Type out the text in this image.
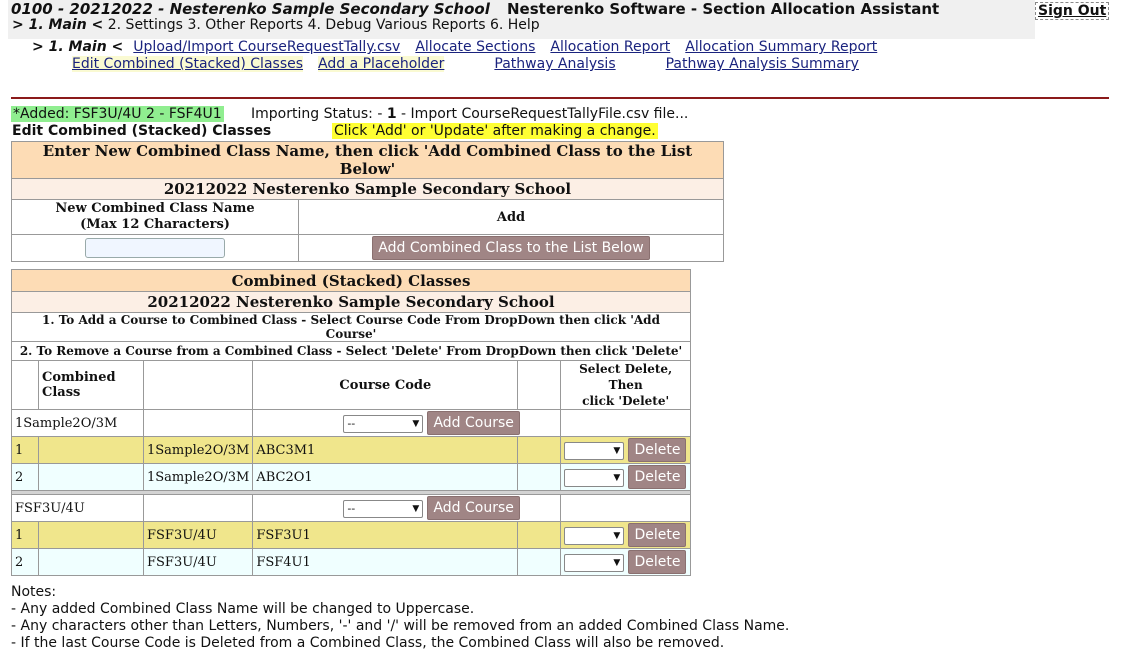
0100 - 20212022 - Nesterenko Sample Secondary School Nesterenko Software - Section Allocation Assistant	Sign Out
> 1. Main < 2. Settings 3. Other Reports 4. Debug Various Reports 6. Help
> 1. Main < Upload/Import CourseRequestTally.csv Allocate Sections Allocation Report Allocation Summary Report
Edit Combined (Stacked) Classes Add a Placeholder	Pathway Analysis	Pathway Analysis Summary
*Added: FSF3U/4U 2 - FSF4U1 Importing Status: - 1 - Import CourseRequestTallyFile.csv file...
Edit Combined (Stacked) Classes	Click 'Add' or 'Update' after making a change.
Enter New Combined Class Name, then click 'Add Combined Class to the List Below'	
20212022 Nesterenko Sample Secondary School	
New Combined Class Name
(Max 12 Characters)	Add
	Add Combined Class to the List Below
Combined (Stacked) Classes					
20212022 Nesterenko Sample Secondary School					
1. To Add a Course to Combined Class - Select Course Code From DropDown then click 'Add Course'					
2. To Remove a Course from a Combined Class - Select 'Delete' From DropDown then click 'Delete'					
	Combined Class		Course Code		Select Delete, Then
click 'Delete'
1Sample2O/3M			-- ▼ Add Course		
1		1Sample2O/3M	ABC3M1		▼ Delete
2		1Sample2O/3M	ABC2O1		▼ Delete

FSF3U/4U			-- ▼ Add Course		
1		FSF3U/4U	FSF3U1		▼ Delete
2		FSF3U/4U	FSF4U1		▼ Delete
Notes:
- Any added Combined Class Name will be changed to Uppercase.
- Any characters other than Letters, Numbers, '-' and '/' will be removed from an added Combined Class Name.
- If the last Course Code is Deleted from a Combined Class, the Combined Class will also be removed.
